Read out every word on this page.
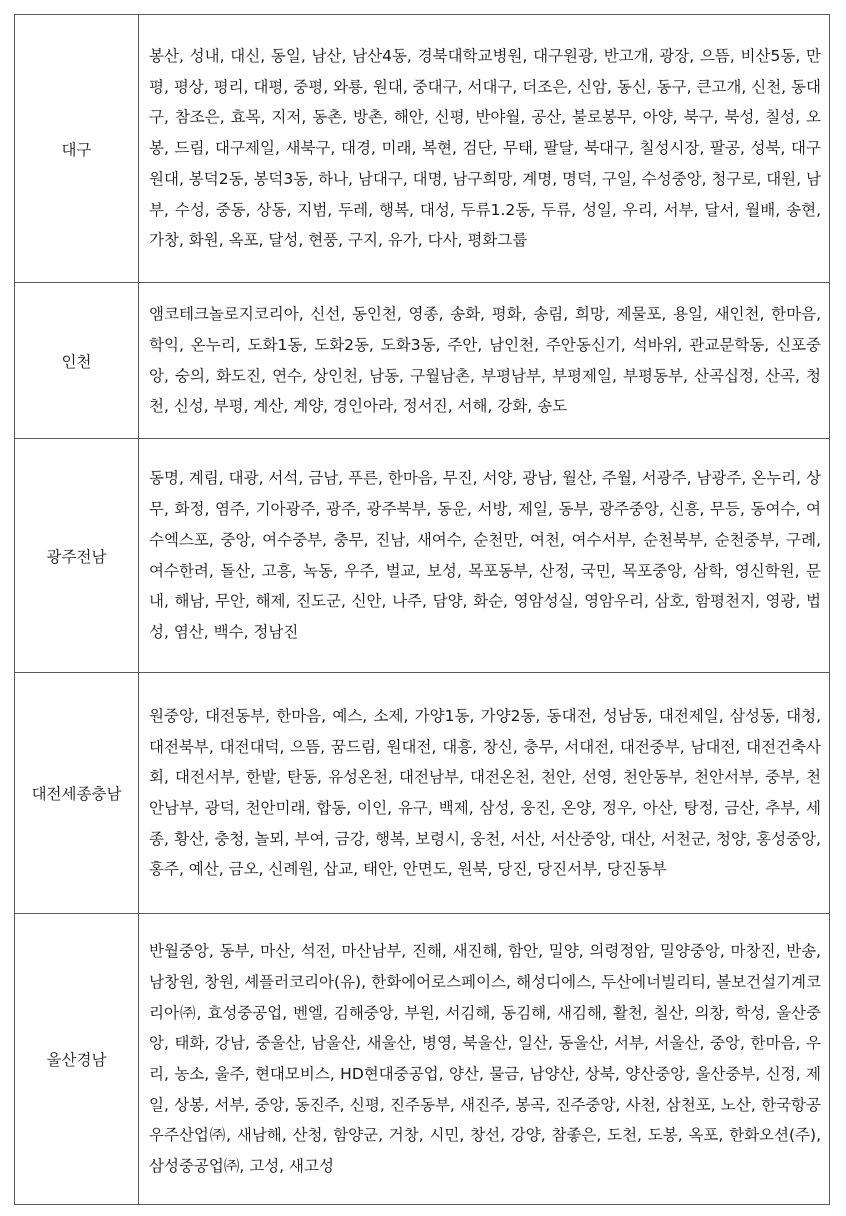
대구	봉산, 성내, 대신, 동일, 남산, 남산4동, 경북대학교병원, 대구원광, 반고개, 광장, 으뜸, 비산5동, 만평, 평상, 평리, 대평, 중평, 와룡, 원대, 중대구, 서대구, 더조은, 신암, 동신, 동구, 큰고개, 신천, 동대구, 참조은, 효목, 지저, 동촌, 방촌, 해안, 신평, 반야월, 공산, 불로봉무, 아양, 북구, 북성, 칠성, 오봉, 드림, 대구제일, 새북구, 대경, 미래, 복현, 검단, 무태, 팔달, 북대구, 칠성시장, 팔공, 성북, 대구원대, 봉덕2동, 봉덕3동, 하나, 남대구, 대명, 남구희망, 계명, 명덕, 구일, 수성중앙, 청구로, 대원, 남부, 수성, 중동, 상동, 지범, 두레, 행복, 대성, 두류1.2동, 두류, 성일, 우리, 서부, 달서, 월배, 송현, 가창, 화원, 옥포, 달성, 현풍, 구지, 유가, 다사, 평화그룹
인천	앰코테크놀로지코리아, 신선, 동인천, 영종, 송화, 평화, 송림, 희망, 제물포, 용일, 새인천, 한마음, 학익, 온누리, 도화1동, 도화2동, 도화3동, 주안, 남인천, 주안동신기, 석바위, 관교문학동, 신포중앙, 숭의, 화도진, 연수, 상인천, 남동, 구월남촌, 부평남부, 부평제일, 부평동부, 산곡십정, 산곡, 청천, 신성, 부평, 계산, 계양, 경인아라, 정서진, 서해, 강화, 송도
광주전남	동명, 계림, 대광, 서석, 금남, 푸른, 한마음, 무진, 서양, 광남, 월산, 주월, 서광주, 남광주, 온누리, 상무, 화정, 염주, 기아광주, 광주, 광주북부, 동운, 서방, 제일, 동부, 광주중앙, 신흥, 무등, 동여수, 여수엑스포, 중앙, 여수중부, 충무, 진남, 새여수, 순천만, 여천, 여수서부, 순천북부, 순천중부, 구례, 여수한려, 돌산, 고흥, 녹동, 우주, 벌교, 보성, 목포동부, 산정, 국민, 목포중앙, 삼학, 영신학원, 문내, 해남, 무안, 해제, 진도군, 신안, 나주, 담양, 화순, 영암성실, 영암우리, 삼호, 함평천지, 영광, 법성, 염산, 백수, 정남진
대전세종충남	원중앙, 대전동부, 한마음, 예스, 소제, 가양1동, 가양2동, 동대전, 성남동, 대전제일, 삼성동, 대청, 대전북부, 대전대덕, 으뜸, 꿈드림, 원대전, 대흥, 창신, 충무, 서대전, 대전중부, 남대전, 대전건축사회, 대전서부, 한밭, 탄동, 유성온천, 대전남부, 대전온천, 천안, 선영, 천안동부, 천안서부, 중부, 천안남부, 광덕, 천안미래, 합동, 이인, 유구, 백제, 삼성, 웅진, 온양, 정우, 아산, 탕정, 금산, 추부, 세종, 황산, 충청, 놀뫼, 부여, 금강, 행복, 보령시, 웅천, 서산, 서산중앙, 대산, 서천군, 청양, 홍성중앙, 홍주, 예산, 금오, 신례원, 삽교, 태안, 안면도, 원북, 당진, 당진서부, 당진동부
울산경남	반월중앙, 동부, 마산, 석전, 마산남부, 진해, 새진해, 함안, 밀양, 의령정암, 밀양중앙, 마창진, 반송, 남창원, 창원, 셰플러코리아(유), 한화에어로스페이스, 해성디에스, 두산에너빌리티, 볼보건설기계코리아㈜, 효성중공업, 벤엘, 김해중앙, 부원, 서김해, 동김해, 새김해, 활천, 칠산, 의창, 학성, 울산중앙, 태화, 강남, 중울산, 남울산, 새울산, 병영, 북울산, 일산, 동울산, 서부, 서울산, 중앙, 한마음, 우리, 농소, 울주, 현대모비스, HD현대중공업, 양산, 물금, 남양산, 상북, 양산중앙, 울산중부, 신정, 제일, 상봉, 서부, 중앙, 동진주, 신평, 진주동부, 새진주, 봉곡, 진주중앙, 사천, 삼천포, 노산, 한국항공우주산업㈜, 새남해, 산청, 함양군, 거창, 시민, 창선, 강양, 참좋은, 도천, 도봉, 옥포, 한화오션(주), 삼성중공업㈜, 고성, 새고성
